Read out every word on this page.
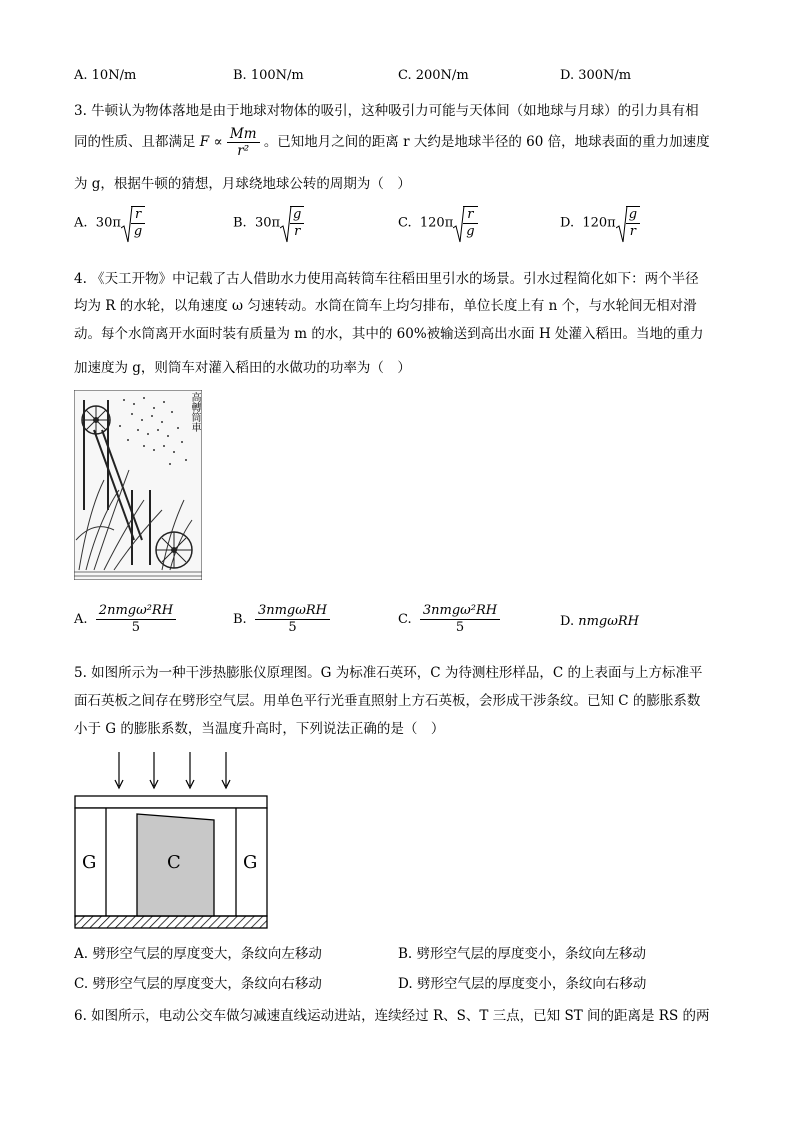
A. 10N/m	B. 100N/m	C. 200N/m	D. 300N/m
3. 牛顿认为物体落地是由于地球对物体的吸引，这种吸引力可能与天体间（如地球与月球）的引力具有相
同的性质、且都满足 $F \propto \frac{Mm}{\text{r²}}$ 。已知地月之间的距离 r 大约是地球半径的 60 倍，地球表面的重力加速度
为 g，根据牛顿的猜想，月球绕地球公转的周期为（　）
A. $30\pi \frac{r}{g}$	B. $30\pi \frac{g}{r}$	C. $120\pi \frac{r}{g}$	D. $120\pi \frac{g}{r}$
4. 《天工开物》中记载了古人借助水力使用高转筒车往稻田里引水的场景。引水过程简化如下：两个半径
均为 R 的水轮，以角速度 ω 匀速转动。水筒在筒车上均匀排布，单位长度上有 n 个，与水轮间无相对滑
动。每个水筒离开水面时装有质量为 m 的水，其中的 60%被输送到高出水面 H 处灌入稻田。当地的重力
加速度为 g，则筒车对灌入稻田的水做功的功率为（　）
高轉筒車
A. $\frac{\text{2nmgω²RH}}{5}$	B. $\frac{\text{3nmgωRH}}{5}$	C. $\frac{\text{3nmgω²RH}}{5}$	D. nmgωRH
5. 如图所示为一种干涉热膨胀仪原理图。G 为标准石英环，C 为待测柱形样品，C 的上表面与上方标准平
面石英板之间存在劈形空气层。用单色平行光垂直照射上方石英板，会形成干涉条纹。已知 C 的膨胀系数
小于 G 的膨胀系数，当温度升高时，下列说法正确的是（　）
G	C	G
A. 劈形空气层的厚度变大，条纹向左移动	B. 劈形空气层的厚度变小，条纹向左移动
C. 劈形空气层的厚度变大，条纹向右移动	D. 劈形空气层的厚度变小，条纹向右移动
6. 如图所示，电动公交车做匀减速直线运动进站，连续经过 R、S、T 三点，已知 ST 间的距离是 RS 的两
